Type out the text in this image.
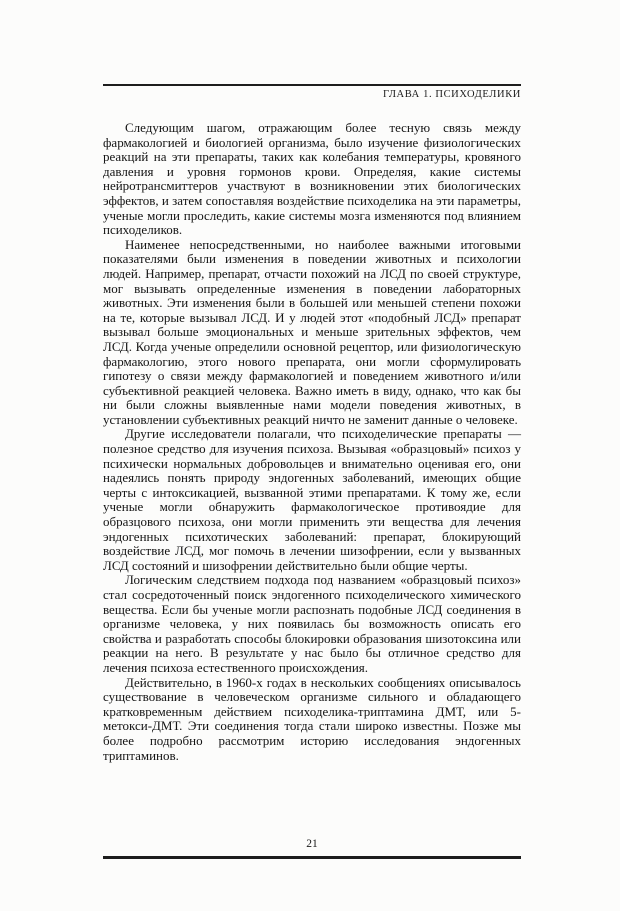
ГЛАВА 1. ПСИХОДЕЛИКИ

Следующим шагом, отражающим более тесную связь между фармакологией и биологией организма, было изучение физиологических реакций на эти препараты, таких как колебания температуры, кровяного давления и уровня гормонов крови. Определяя, какие системы нейротрансмиттеров участвуют в возникновении этих биологических эффектов, и затем сопоставляя воздействие психоделика на эти параметры, ученые могли проследить, какие системы мозга изменяются под влиянием психоделиков.

Наименее непосредственными, но наиболее важными итоговыми показателями были изменения в поведении животных и психологии людей. Например, препарат, отчасти похожий на ЛСД по своей структуре, мог вызывать определенные изменения в поведении лабораторных животных. Эти изменения были в большей или меньшей степени похожи на те, которые вызывал ЛСД. И у людей этот «подобный ЛСД» препарат вызывал больше эмоциональных и меньше зрительных эффектов, чем ЛСД. Когда ученые определили основной рецептор, или физиологическую фармакологию, этого нового препарата, они могли сформулировать гипотезу о связи между фармакологией и поведением животного и/или субъективной реакцией человека. Важно иметь в виду, однако, что как бы ни были сложны выявленные нами модели поведения животных, в установлении субъективных реакций ничто не заменит данные о человеке.

Другие исследователи полагали, что психоделические препараты — полезное средство для изучения психоза. Вызывая «образцовый» психоз у психически нормальных добровольцев и внимательно оценивая его, они надеялись понять природу эндогенных заболеваний, имеющих общие черты с интоксикацией, вызванной этими препаратами. К тому же, если ученые могли обнаружить фармакологическое противоядие для образцового психоза, они могли применить эти вещества для лечения эндогенных психотических заболеваний: препарат, блокирующий воздействие ЛСД, мог помочь в лечении шизофрении, если у вызванных ЛСД состояний и шизофрении действительно были общие черты.

Логическим следствием подхода под названием «образцовый психоз» стал сосредоточенный поиск эндогенного психоделического химического вещества. Если бы ученые могли распознать подобные ЛСД соединения в организме человека, у них появилась бы возможность описать его свойства и разработать способы блокировки образования шизотоксина или реакции на него. В результате у нас было бы отличное средство для лечения психоза естественного происхождения.

Действительно, в 1960-х годах в нескольких сообщениях описывалось существование в человеческом организме сильного и обладающего кратковременным действием психоделика-триптамина ДМТ, или 5-метокси-ДМТ. Эти соединения тогда стали широко известны. Позже мы более подробно рассмотрим историю исследования эндогенных триптаминов.

21
